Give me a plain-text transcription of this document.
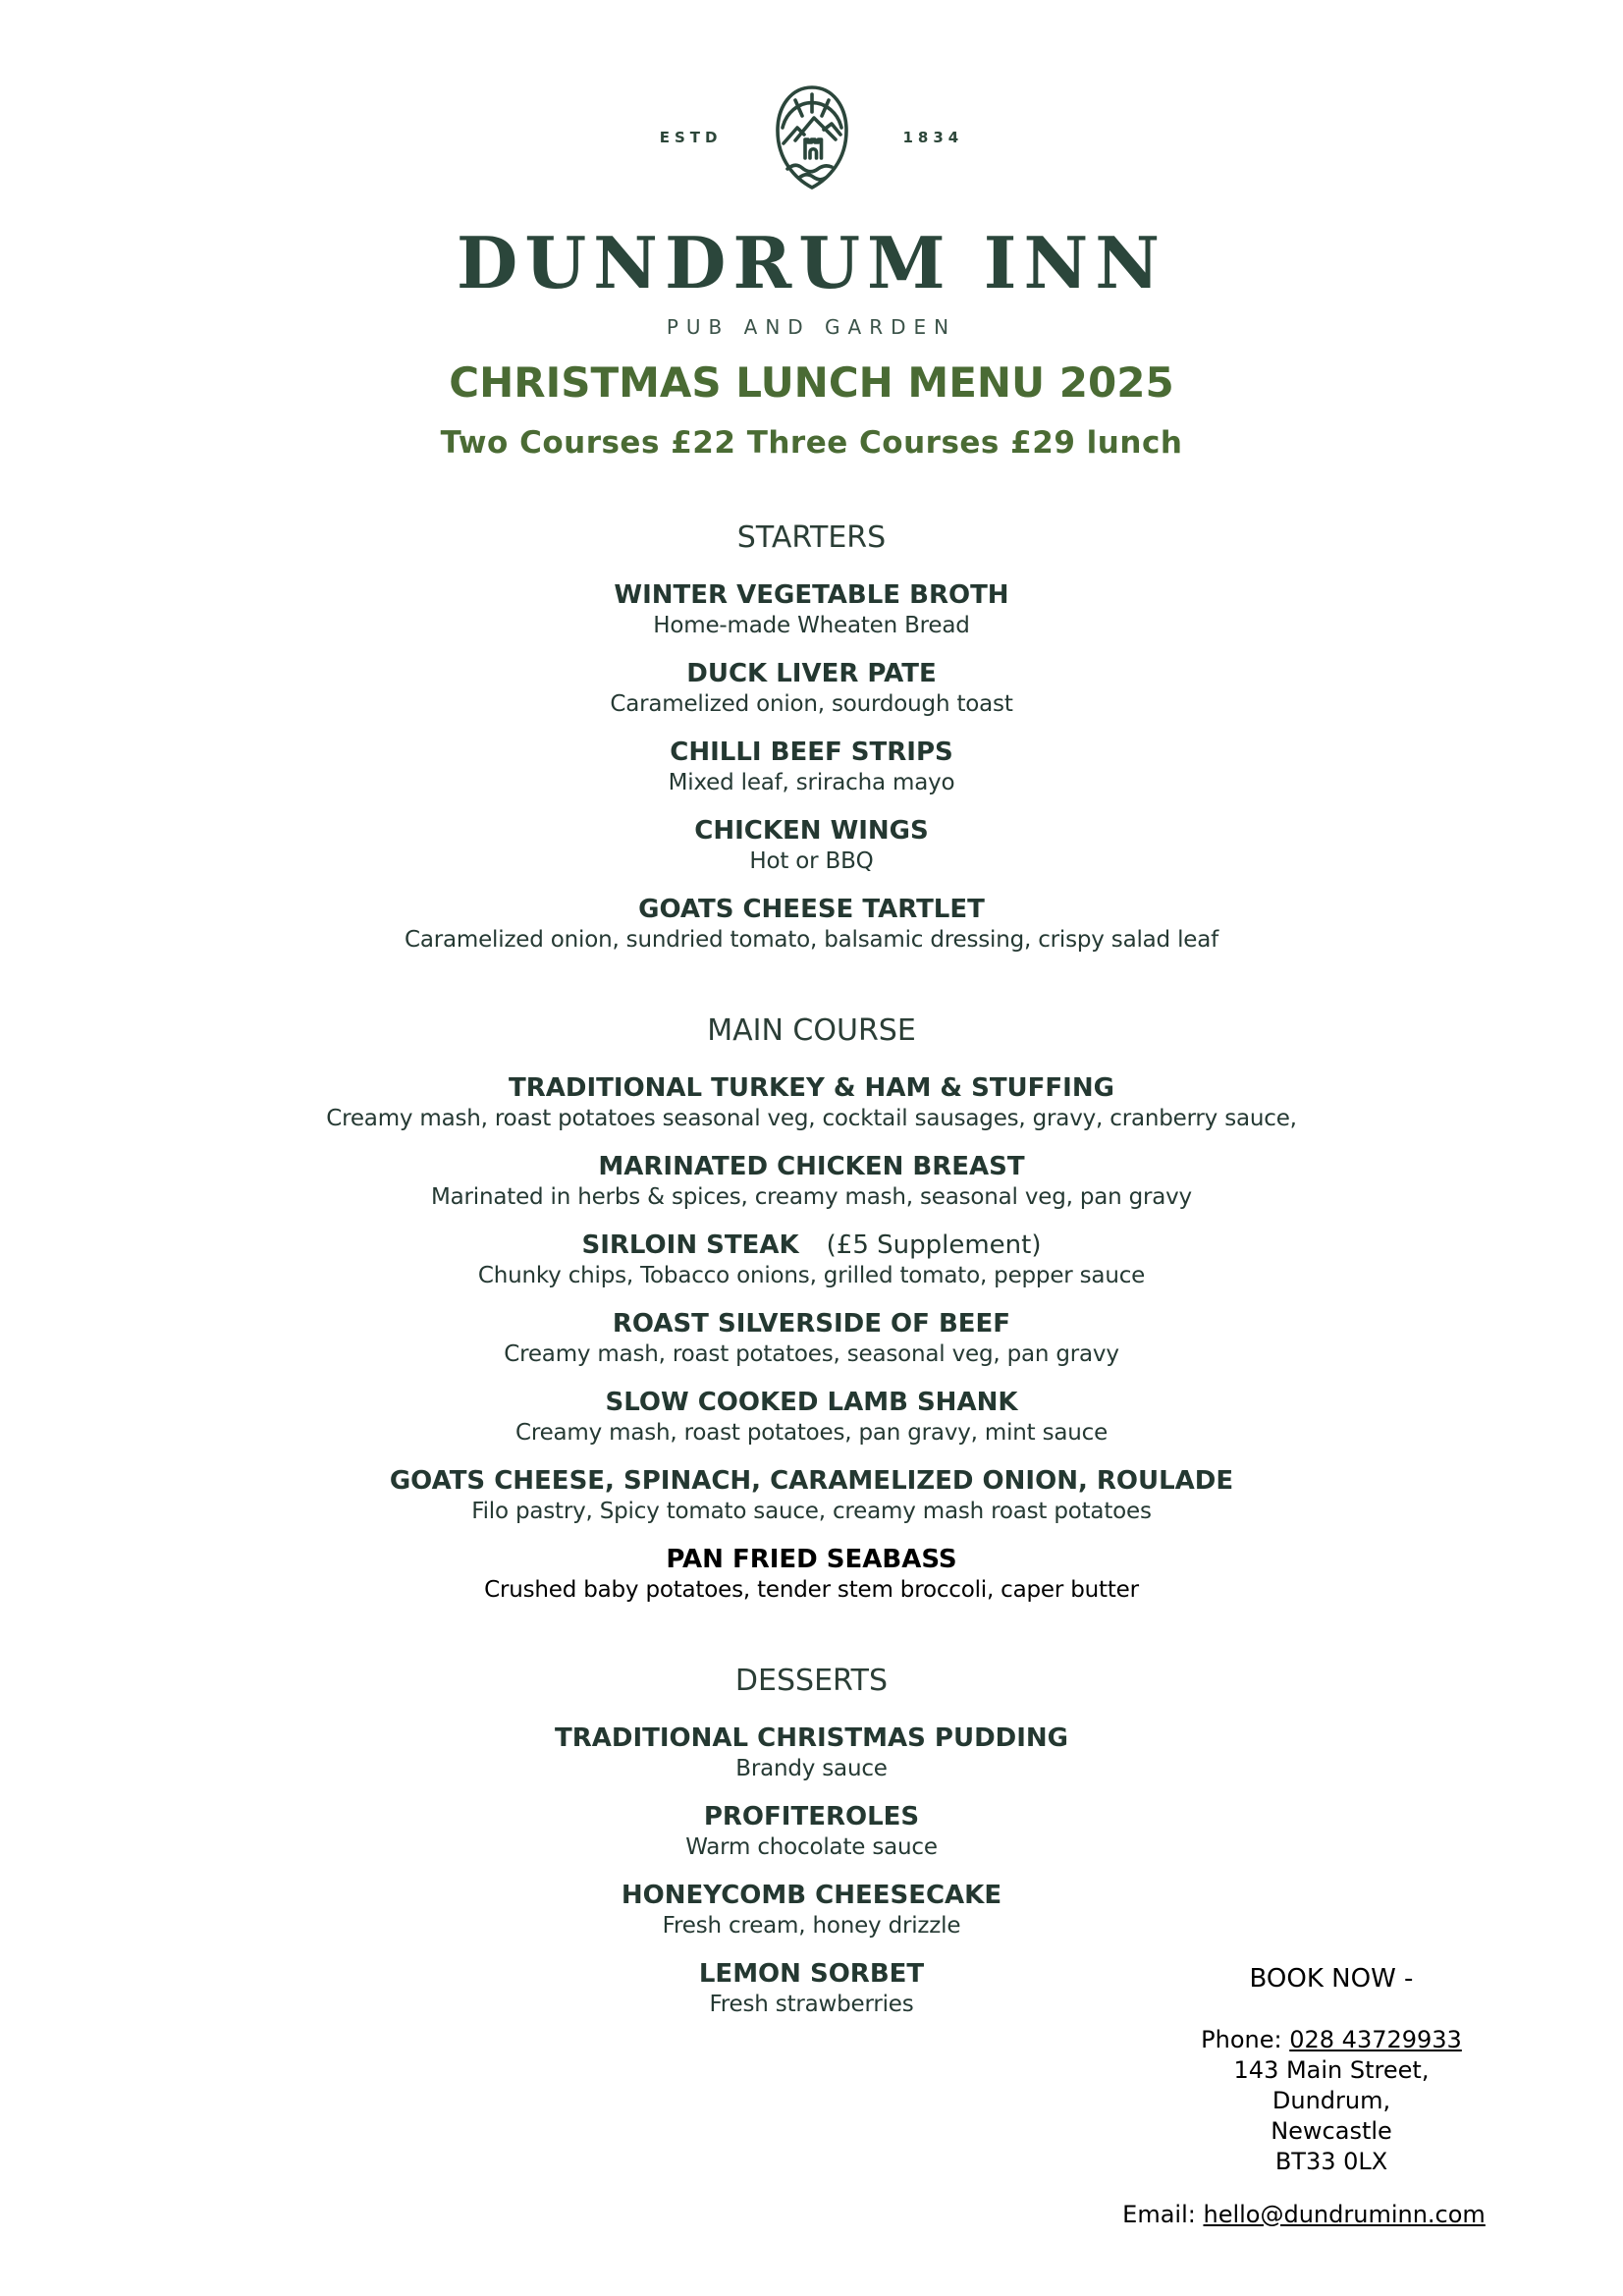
ESTD	1834
DUNDRUM INN
PUB AND GARDEN
CHRISTMAS LUNCH MENU 2025
Two Courses £22 Three Courses £29 lunch
STARTERS
WINTER VEGETABLE BROTH
Home-made Wheaten Bread
DUCK LIVER PATE
Caramelized onion, sourdough toast
CHILLI BEEF STRIPS
Mixed leaf, sriracha mayo
CHICKEN WINGS
Hot or BBQ
GOATS CHEESE TARTLET
Caramelized onion, sundried tomato, balsamic dressing, crispy salad leaf
MAIN COURSE
TRADITIONAL TURKEY & HAM & STUFFING
Creamy mash, roast potatoes seasonal veg, cocktail sausages, gravy, cranberry sauce,
MARINATED CHICKEN BREAST
Marinated in herbs & spices, creamy mash, seasonal veg, pan gravy
SIRLOIN STEAK (£5 Supplement)
Chunky chips, Tobacco onions, grilled tomato, pepper sauce
ROAST SILVERSIDE OF BEEF
Creamy mash, roast potatoes, seasonal veg, pan gravy
SLOW COOKED LAMB SHANK
Creamy mash, roast potatoes, pan gravy, mint sauce
GOATS CHEESE, SPINACH, CARAMELIZED ONION, ROULADE
Filo pastry, Spicy tomato sauce, creamy mash roast potatoes
PAN FRIED SEABASS
Crushed baby potatoes, tender stem broccoli, caper butter
DESSERTS
TRADITIONAL CHRISTMAS PUDDING
Brandy sauce
PROFITEROLES
Warm chocolate sauce
HONEYCOMB CHEESECAKE
Fresh cream, honey drizzle
LEMON SORBET
Fresh strawberries
BOOK NOW -
Phone: 028 43729933
143 Main Street,
Dundrum,
Newcastle
BT33 0LX
Email: hello@dundruminn.com
